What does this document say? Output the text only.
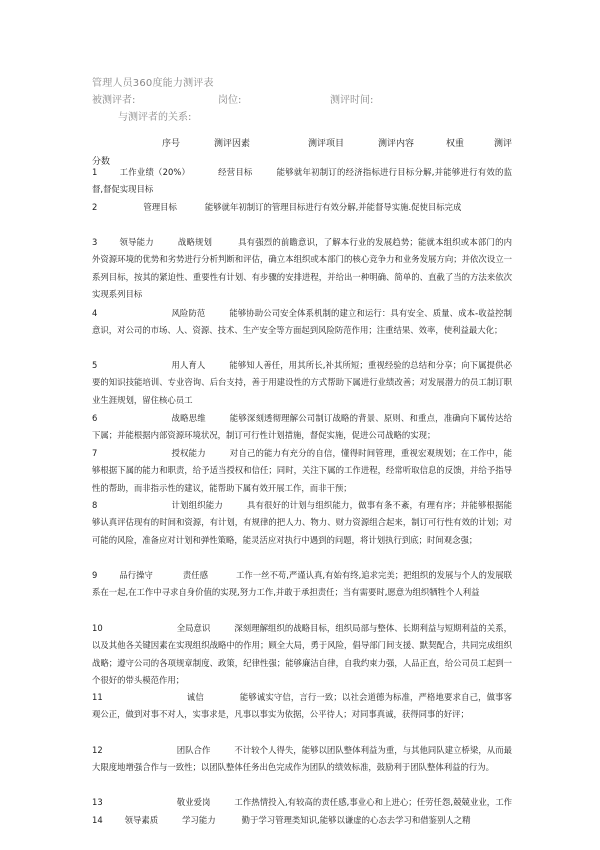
管理人员360度能力测评表
被测评者:	岗位:	测评时间:
与测评者的关系:
序号	测评因素	测评项目	测评内容	权重	测评
分数
1	工作业绩（20%）	经营目标	能够就年初制订的经济指标进行目标分解,并能够进行有效的监督,督促实现目标
2	管理目标	能够就年初制订的管理目标进行有效分解,并能督导实施.促使目标完成
3	领导能力	战略规划	具有强烈的前瞻意识，了解本行业的发展趋势；能就本组织或本部门的内外资源环境的优势和劣势进行分析判断和评估，确立本组织或本部门的核心竞争力和业务发展方向；并依次设立一系列目标，按其的紧迫性、重要性有计划、有步骤的安排进程，并给出一种明确、简单的、直截了当的方法来依次实现系列目标
4	风险防范	能够协助公司安全体系机制的建立和运行：具有安全、质量、成本-收益控制意识，对公司的市场、人、资源、技术、生产安全等方面起到风险防范作用；注重结果、效率，使利益最大化；
5	用人育人	能够知人善任，用其所长,补其所短；重视经验的总结和分享；向下属提供必要的知识技能培训、专业咨询、后台支持，善于用建设性的方式帮助下属进行业绩改善；对发展潜力的员工制订职业生涯规划，留住核心员工
6	战略思维	能够深刻透彻理解公司制订战略的背景、原则、和重点，准确向下属传达给下属；并能根据内部资源环境状况，制订可行性计划措施，督促实施，促进公司战略的实现；
7	授权能力	对自己的能力有充分的自信，懂得时间管理，重视宏观规划；在工作中，能够根据下属的能力和职责，给予适当授权和信任；同时，关注下属的工作进程，经常听取信息的反馈，并给予指导性的帮助，而非指示性的建议，能帮助下属有效开展工作，而非干预；
8	计划组织能力	具有很好的计划与组织能力，做事有条不紊，有理有序；并能够根据能够认真评估现有的时间和资源，有计划，有规律的把人力、物力、财力资源组合起来，制订可行性有效的计划；对可能的风险，准备应对计划和弹性策略，能灵活应对执行中遇到的问题，将计划执行到底；时间观念强；
9	品行操守	责任感	工作一丝不苟,严谨认真,有始有终,追求完美；把组织的发展与个人的发展联系在一起,在工作中寻求自身价值的实现,努力工作,并敢于承担责任；当有需要时,愿意为组织牺牲个人利益
10	全局意识	深刻理解组织的战略目标，组织局部与整体、长期利益与短期利益的关系，以及其他各关键因素在实现组织战略中的作用；顾全大局，勇于风险，倡导部门间支援、默契配合，共同完成组织战略；遵守公司的各项规章制度、政策，纪律性强；能够廉洁自律，自我约束力强，人品正直，给公司员工起到一个很好的带头模范作用；
11	诚信	能够诚实守信，言行一致；以社会道德为标准，严格地要求自己，做事客观公正，做到对事不对人，实事求是，凡事以事实为依据，公平待人；对同事真诚，获得同事的好评；
12	团队合作	不计较个人得失，能够以团队整体利益为重，与其他同队建立桥梁，从而最大限度地增强合作与一致性；以团队整体任务出色完成作为团队的绩效标准，鼓励利于团队整体利益的行为。
13	敬业爱岗	工作热情投入,有较高的责任感,事业心和上进心；任劳任怨,兢兢业业，工作
14	领导素质	学习能力	勤于学习管理类知识,能够以谦虚的心态去学习和借鉴别人之精
